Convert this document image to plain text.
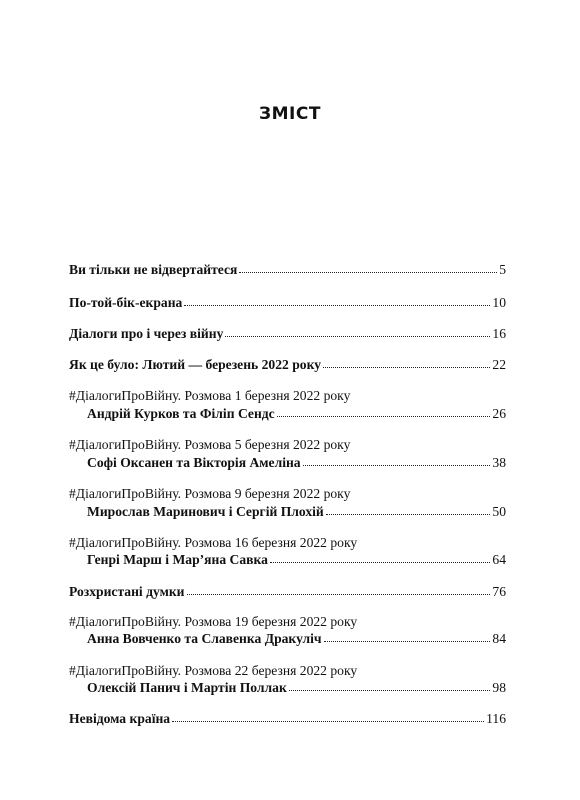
ЗМІСТ
Ви тільки не відвертайтеся	5
По-той-бік-екрана	10
Діалоги про і через війну	16
Як це було: Лютий — березень 2022 року	22
#ДіалогиПроВійну. Розмова 1 березня 2022 року
Андрій Курков та Філіп Сендс	26
#ДіалогиПроВійну. Розмова 5 березня 2022 року
Софі Оксанен та Вікторія Амеліна	38
#ДіалогиПроВійну. Розмова 9 березня 2022 року
Мирослав Маринович і Сергій Плохій	50
#ДіалогиПроВійну. Розмова 16 березня 2022 року
Генрі Марш і Мар’яна Савка	64
Розхристані думки	76
#ДіалогиПроВійну. Розмова 19 березня 2022 року
Анна Вовченко та Славенка Дракуліч	84
#ДіалогиПроВійну. Розмова 22 березня 2022 року
Олексій Панич і Мартін Поллак	98
Невідома країна	116
